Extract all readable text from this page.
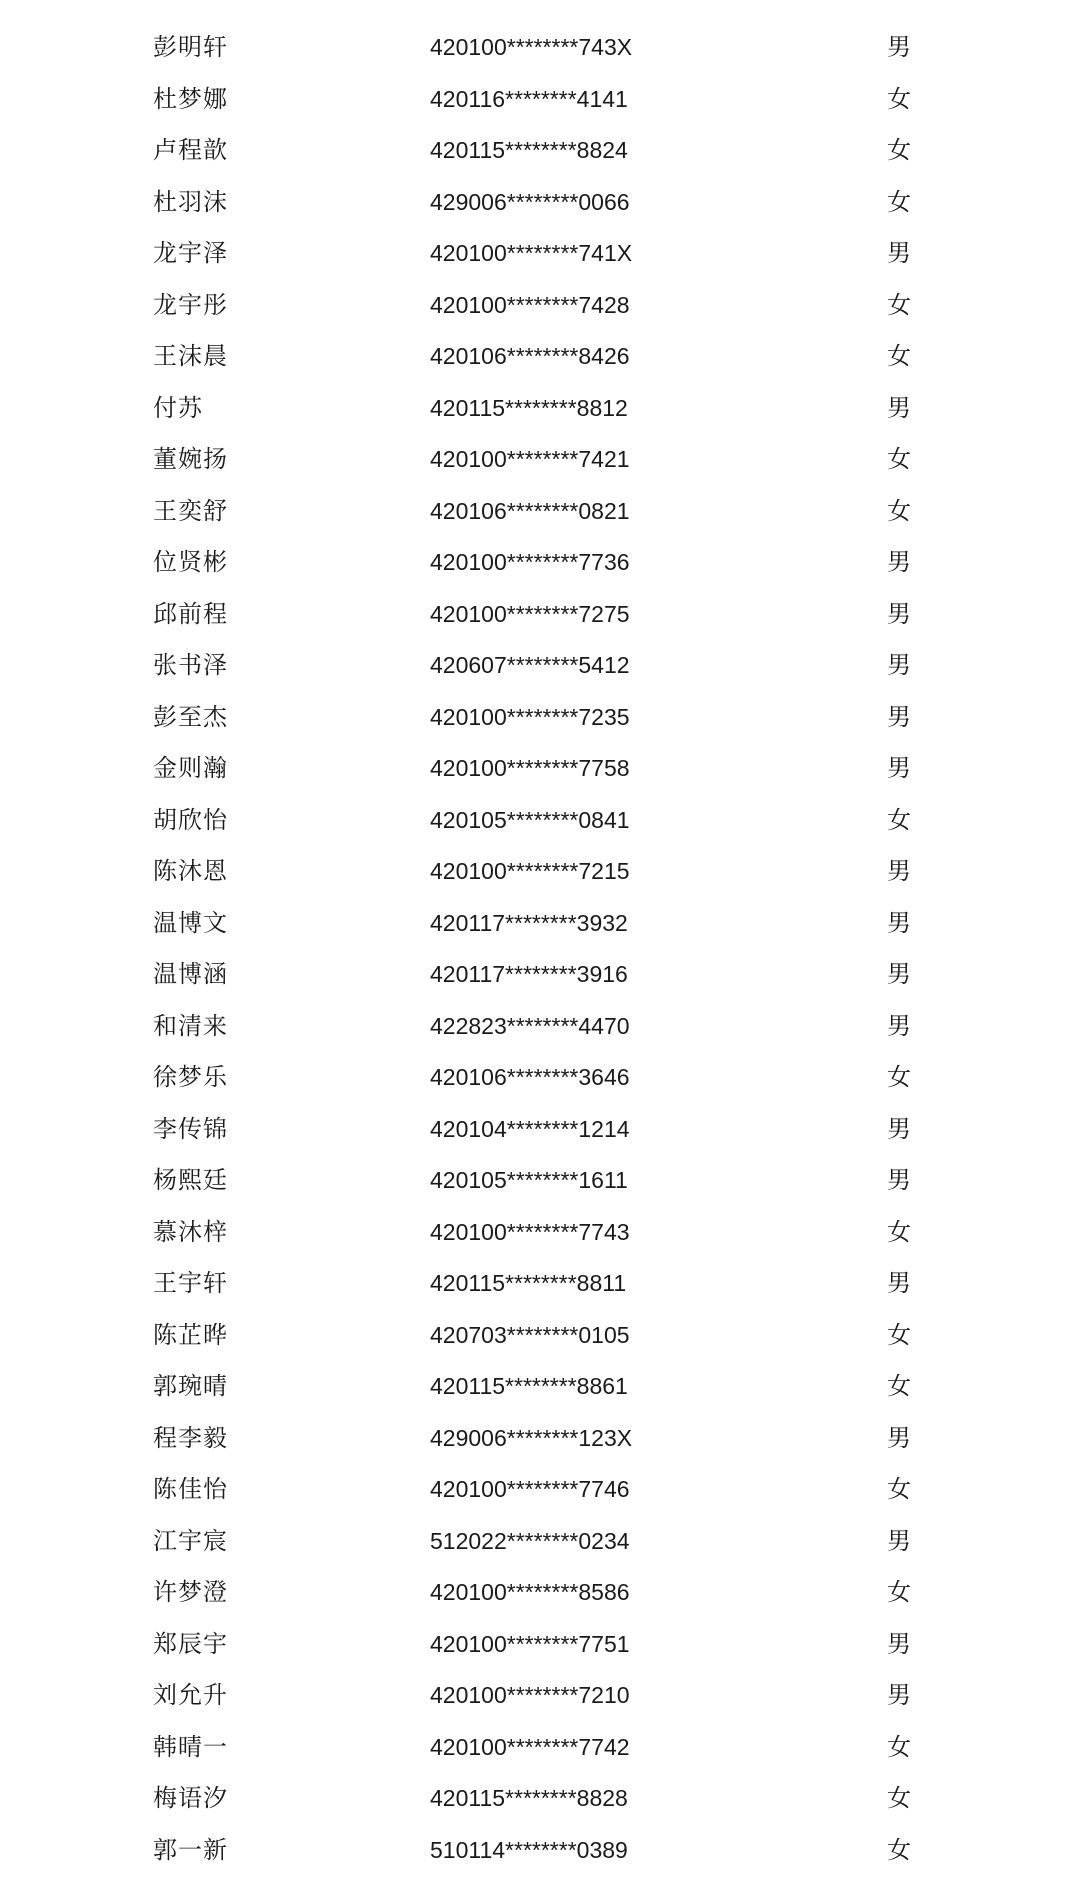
彭明轩	420100********743X	男
杜梦娜	420116********4141	女
卢程歆	420115********8824	女
杜羽沫	429006********0066	女
龙宇泽	420100********741X	男
龙宇彤	420100********7428	女
王沫晨	420106********8426	女
付苏	420115********8812	男
董婉扬	420100********7421	女
王奕舒	420106********0821	女
位贤彬	420100********7736	男
邱前程	420100********7275	男
张书泽	420607********5412	男
彭至杰	420100********7235	男
金则瀚	420100********7758	男
胡欣怡	420105********0841	女
陈沐恩	420100********7215	男
温博文	420117********3932	男
温博涵	420117********3916	男
和清来	422823********4470	男
徐梦乐	420106********3646	女
李传锦	420104********1214	男
杨熙廷	420105********1611	男
慕沐梓	420100********7743	女
王宇轩	420115********8811	男
陈芷晔	420703********0105	女
郭琬晴	420115********8861	女
程李毅	429006********123X	男
陈佳怡	420100********7746	女
江宇宸	512022********0234	男
许梦澄	420100********8586	女
郑辰宇	420100********7751	男
刘允升	420100********7210	男
韩晴一	420100********7742	女
梅语汐	420115********8828	女
郭一新	510114********0389	女
